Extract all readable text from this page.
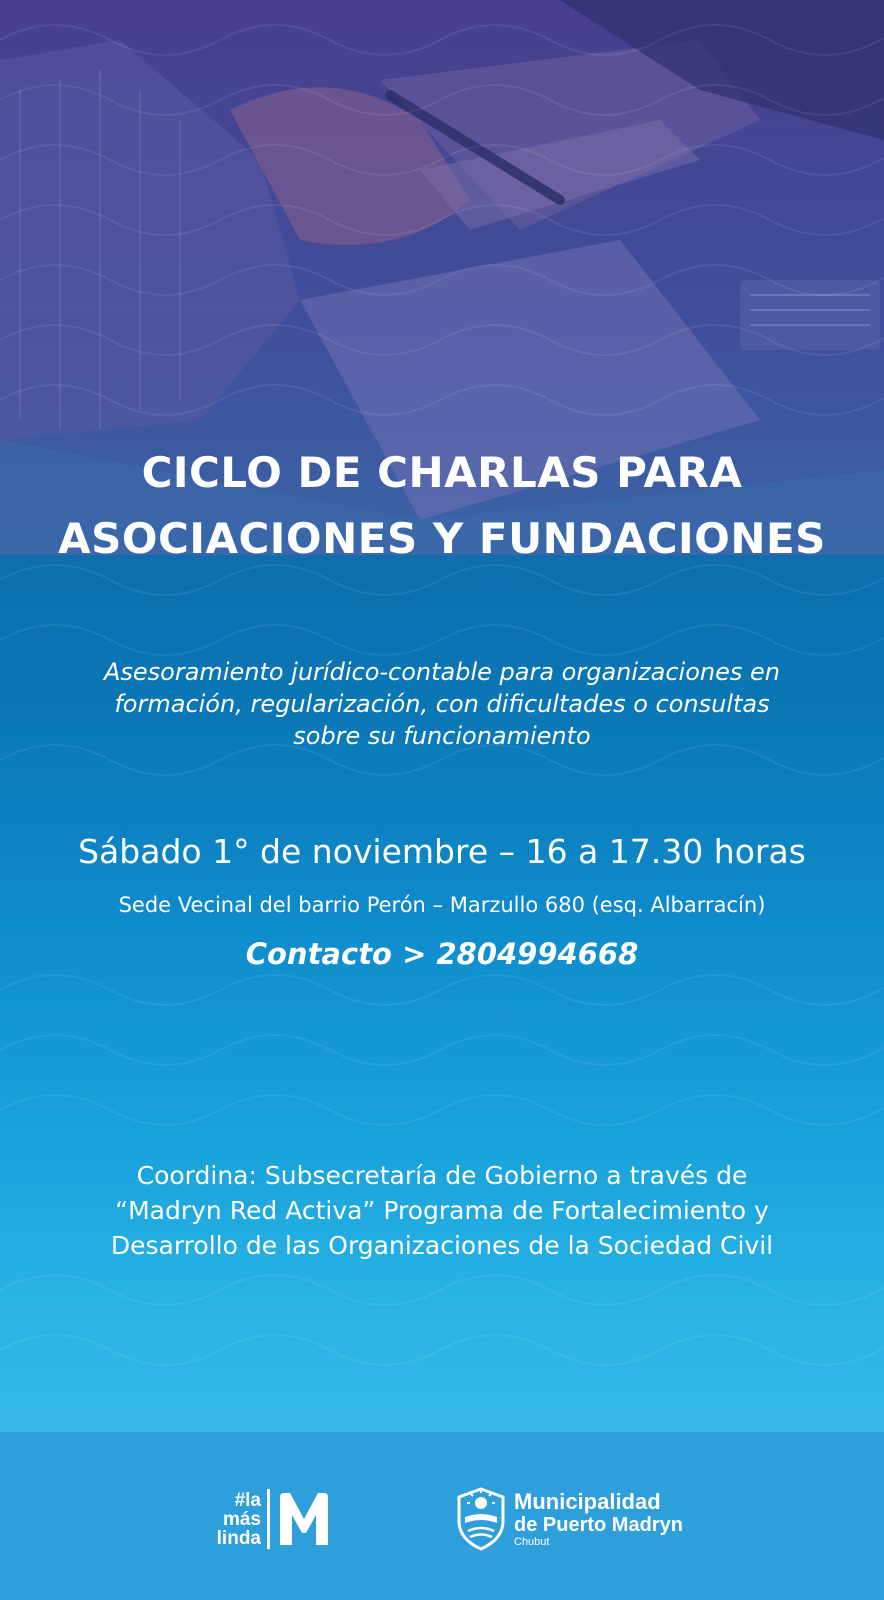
CICLO DE CHARLAS PARA
ASOCIACIONES Y FUNDACIONES
Asesoramiento jurídico-contable para organizaciones en
formación, regularización, con dificultades o consultas
sobre su funcionamiento
Sábado 1° de noviembre – 16 a 17.30 horas
Sede Vecinal del barrio Perón – Marzullo 680 (esq. Albarracín)
Contacto > 2804994668
Coordina: Subsecretaría de Gobierno a través de
“Madryn Red Activa” Programa de Fortalecimiento y
Desarrollo de las Organizaciones de la Sociedad Civil
#la
más
linda
Municipalidad
de Puerto Madryn
Chubut
